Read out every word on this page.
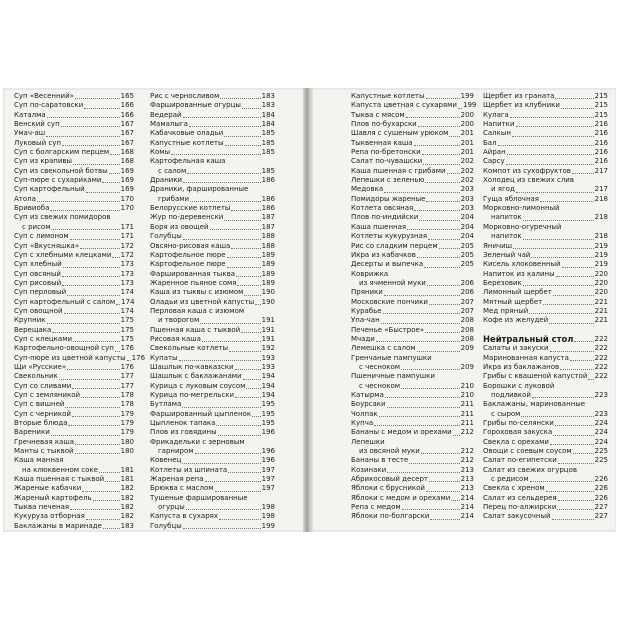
Суп «Весенний»	165
Суп по-саратовски	166
Каталма	166
Венский суп	167
Умач-аш	167
Луковый суп	167
Суп с болгарским перцем 168
Суп из крапивы	168
Суп из свекольной ботвы 169
Суп-пюре с сухариками	169
Суп картофельный	169
Атола	170
Бривиоба	170
Суп из свежих помидоров
с рисом	171
Суп с лимоном	171
Суп «Вкусняшка»	172
Суп с хлебными клецками 172
Суп хлебный	173
Суп овсяный	173
Суп рисовый	173
Суп перловый	174
Суп картофельный с салом 174
Суп овощной	174
Крупник	175
Верещака	175
Суп с клецками	175
Картофельно-овощной суп 176
Суп-пюре из цветной капусты 176
Щи «Русские»	176
Свекольник	177
Суп со сливами	177
Суп с земляникой	178
Суп с вишней	178
Суп с черникой	179
Вторые блюда	179
Вареники	179
Гречневая каша	180
Манты с тыквой	180
Каша манная
на клюквенном соке	181
Каша пшенная с тыквой 181
Жареные кабачки	182
Жареный картофель	182
Тыква печеная	182
Кукуруза отборная	182
Баклажаны в маринаде	183
Рис с черносливом	183
Фаршированные огурцы	183
Ведерай	184
Мамалыга	184
Кабачковые оладьи	185
Капустные котлеты	185
Комы	185
Картофельная каша
с салом	185
Драники	186
Драники, фаршированные
грибами	186
Белорусские котлеты	186
Жур по-деревенски	187
Боря из овощей	187
Голубцы	188
Овсяно-рисовая каша	188
Картофельное пюре	189
Картофельное пюре	189
Фаршированная тыква	189
Жаренное пьяное сомя	189
Каша из тыквы с изюмом	190
Оладьи из цветной капусты 190
Перловая каша с изюмом
и творогом	191
Пшенная каша с тыквой	191
Рисовая каша	191
Свекольные котлеты	192
Купаты	193
Шашлык по-кавказски	193
Шашлык с баклажанами	194
Курица с луковым соусом 194
Курица по-мегрельски	194
Бутлама	195
Фаршированный цыпленок 195
Цыпленок тапака	195
Плов из говядины	196
Фрикадельки с зерновым
гарниром	196
Ковенец	196
Котлеты из шпината	197
Жареная репа	197
Брюква с маслом	197
Тушеные фаршированные
огурцы	198
Капуста в сухарях	198
Голубцы	199
Капустные котлеты	199
Капуста цветная с сухарями 199
Тыква с мясом	200
Плов по-бухарски	200
Шавля с сушеным урюком 201
Тыквенная каша	201
Репа по-бретонски	201
Салат по-чувашски	202
Каша пшенная с грибами 202
Лепешки с зеленью	202
Медовка	203
Помидоры жареные	203
Котлета овсяная	203
Плов по-индийски	204
Каша пшенная	204
Котлеты кукурузная	204
Рис со сладким перцем	205
Икра из кабачков	205
Десерты и выпечка	205
Коврижка
из ячменной муки	206
Пряники	206
Московские пончики	207
Курабье	207
Упа-чан	208
Печенье «Быстрое»	208
Мчади	208
Лемешка с салом	209
Гренчаные пампушки
с чесноком	209
Пшеничные пампушки
с чесноком	210
Катырма	210
Боурсаки	211
Чолпак	211
Купча	211
Бананы с медом и орехами 212
Лепешки
из овсяной муки	212
Бананы в тесте	212
Козинаки	213
Абрикосовый десерт	213
Яблоки с брусникой	213
Яблоки с медом и орехами 214
Репа с медом	214
Яблоки по-болгарски	214
Щербет из граната	215
Щербет из клубники	215
Кулага	215
Напитки	216
Салкын	216
Бал	216
Айран	216
Сарсу	216
Компот из сухофруктов	217
Холодец из свежих слив
и ягод	217
Гуща яблочная	218
Морковно-лимонный
напиток	218
Морковно-огуречный
напиток	218
Яничиш	219
Зеленый чай	219
Кисель хлоковенный	219
Напиток из калины	220
Березовик	220
Лимонный щербет	220
Мятный щербет	221
Мед пряный	221
Кофе из желудей	221
Нейтральный стол	222
Салаты и закуски	222
Маринованная капуста	222
Икра из баклажанов	222
Грибы с квашеной капустой 222
Борошки с луковой
подливкой	223
Баклажаны, маринованные
с сыром	223
Грибы по-селянски	224
Гороховая закуска	224
Свекла с орехами	224
Овощи с соевым соусом	225
Салат по-египетски	225
Салат из свежих огурцов
с редисом	226
Свекла с хреном	226
Салат из сельдерея	226
Перец по-алжирски	227
Салат закусочный	227
